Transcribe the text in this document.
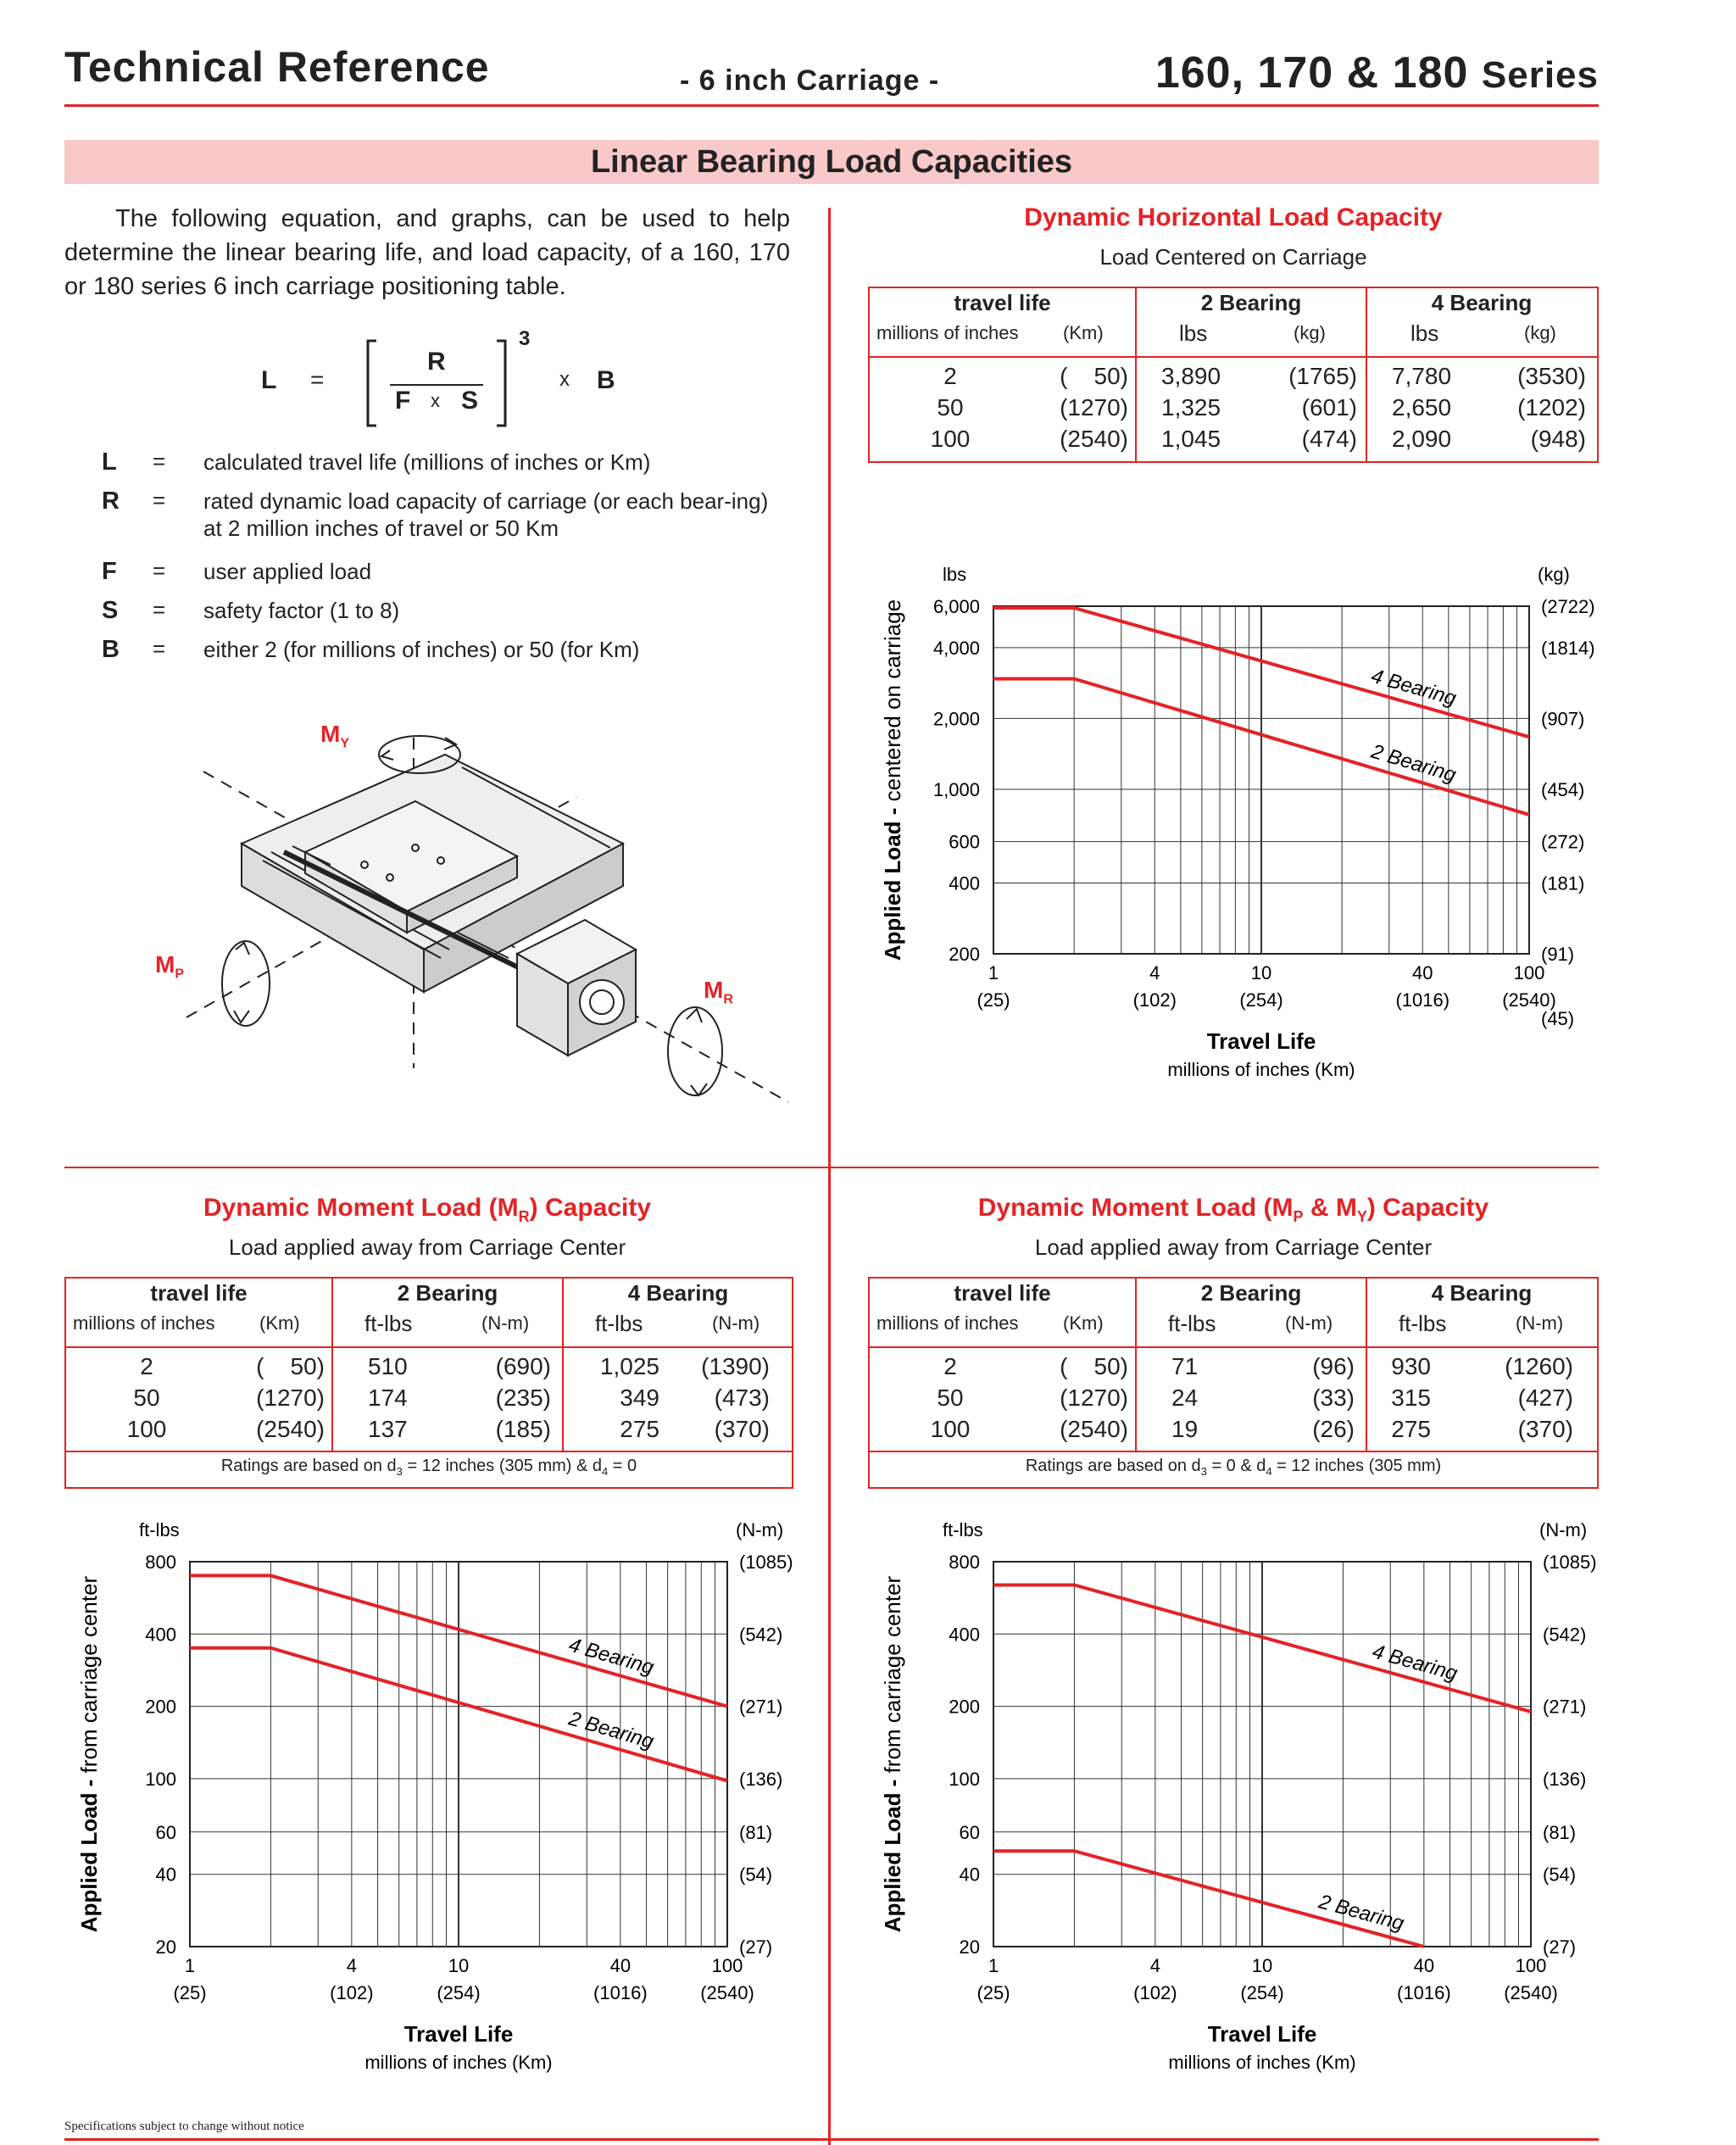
Technical Reference	- 6 inch Carriage -	160, 170 & 180 Series
Linear Bearing Load Capacities

The following equation, and graphs, can be used to help determine the linear bearing life, and load capacity, of a 160, 170 or 180 series 6 inch carriage positioning table.

L =
R
F x S
3
x B
L = calculated travel life (millions of inches or Km)
R = rated dynamic load capacity of carriage (or each bear-ing) at 2 million inches of travel or 50 Km
F = user applied load
S = safety factor (1 to 8)
B = either 2 (for millions of inches) or 50 (for Km)
$M_Y$
$M_P$
$M_R$
Dynamic Horizontal Load Capacity
Load Centered on Carriage
travel life	2 Bearing	4 Bearing
millions of inches (Km)	lbs	(kg)	lbs	(kg)
2	(    50) 3,890	(1765) 7,780	(3530)
50	(1270) 1,325	(601) 2,650	(1202)
100	(2540) 1,045	(474) 2,090	(948)
Dynamic Moment Load $(M_R)$ Capacity
Load applied away from Carriage Center
travel life	2 Bearing	4 Bearing
millions of inches (Km)	ft-lbs	(N-m)	ft-lbs	(N-m)
2	(    50) 510	(690)	1,025	(1390)
50	(1270) 174	(235)	349	(473)
100	(2540) 137	(185)	275	(370)
Ratings are based on $d_3 = 12$ inches (305 mm) & $d_4 = 0$
Dynamic Moment Load ($M_P$ & $M_Y$) Capacity
Load applied away from Carriage Center
travel life	2 Bearing	4 Bearing
millions of inches (Km)	ft-lbs	(N-m)	ft-lbs	(N-m)
2	(    50) 71	(96)	930	(1260)
50	(1270) 24	(33)	315	(427)
100	(2540) 19	(26)	275	(370)
Ratings are based on $d_3 = 0$ & $d_4 = 12$ inches (305 mm)
6,000	(2722)
4,000	(1814)
2,000	(907)
1,000	(454)
600	(272)
400	(181)
200	(91)
(45)
lbs	(kg)
1
(25)
4
(102)
10
(254)
40
(1016)
100
(2540)
Travel Life
millions of inches (Km)
Applied Load - centered on carriage	4 Bearing
2 Bearing
800	(1085)
400	(542)
200	(271)
100	(136)
60	(81)
40	(54)
20	(27)
ft-lbs	(N-m)
1
(25)
4
(102)
10
(254)
40
(1016)
100
(2540)
Travel Life
millions of inches (Km)
Applied Load - from carriage center	4 Bearing
2 Bearing
800	(1085)
400	(542)
200	(271)
100	(136)
60	(81)
40	(54)
20	(27)
ft-lbs	(N-m)
1
(25)
4
(102)
10
(254)
40
(1016)
100
(2540)
Travel Life
millions of inches (Km)
Applied Load - from carriage center	4 Bearing
2 Bearing
Specifications subject to change without notice
